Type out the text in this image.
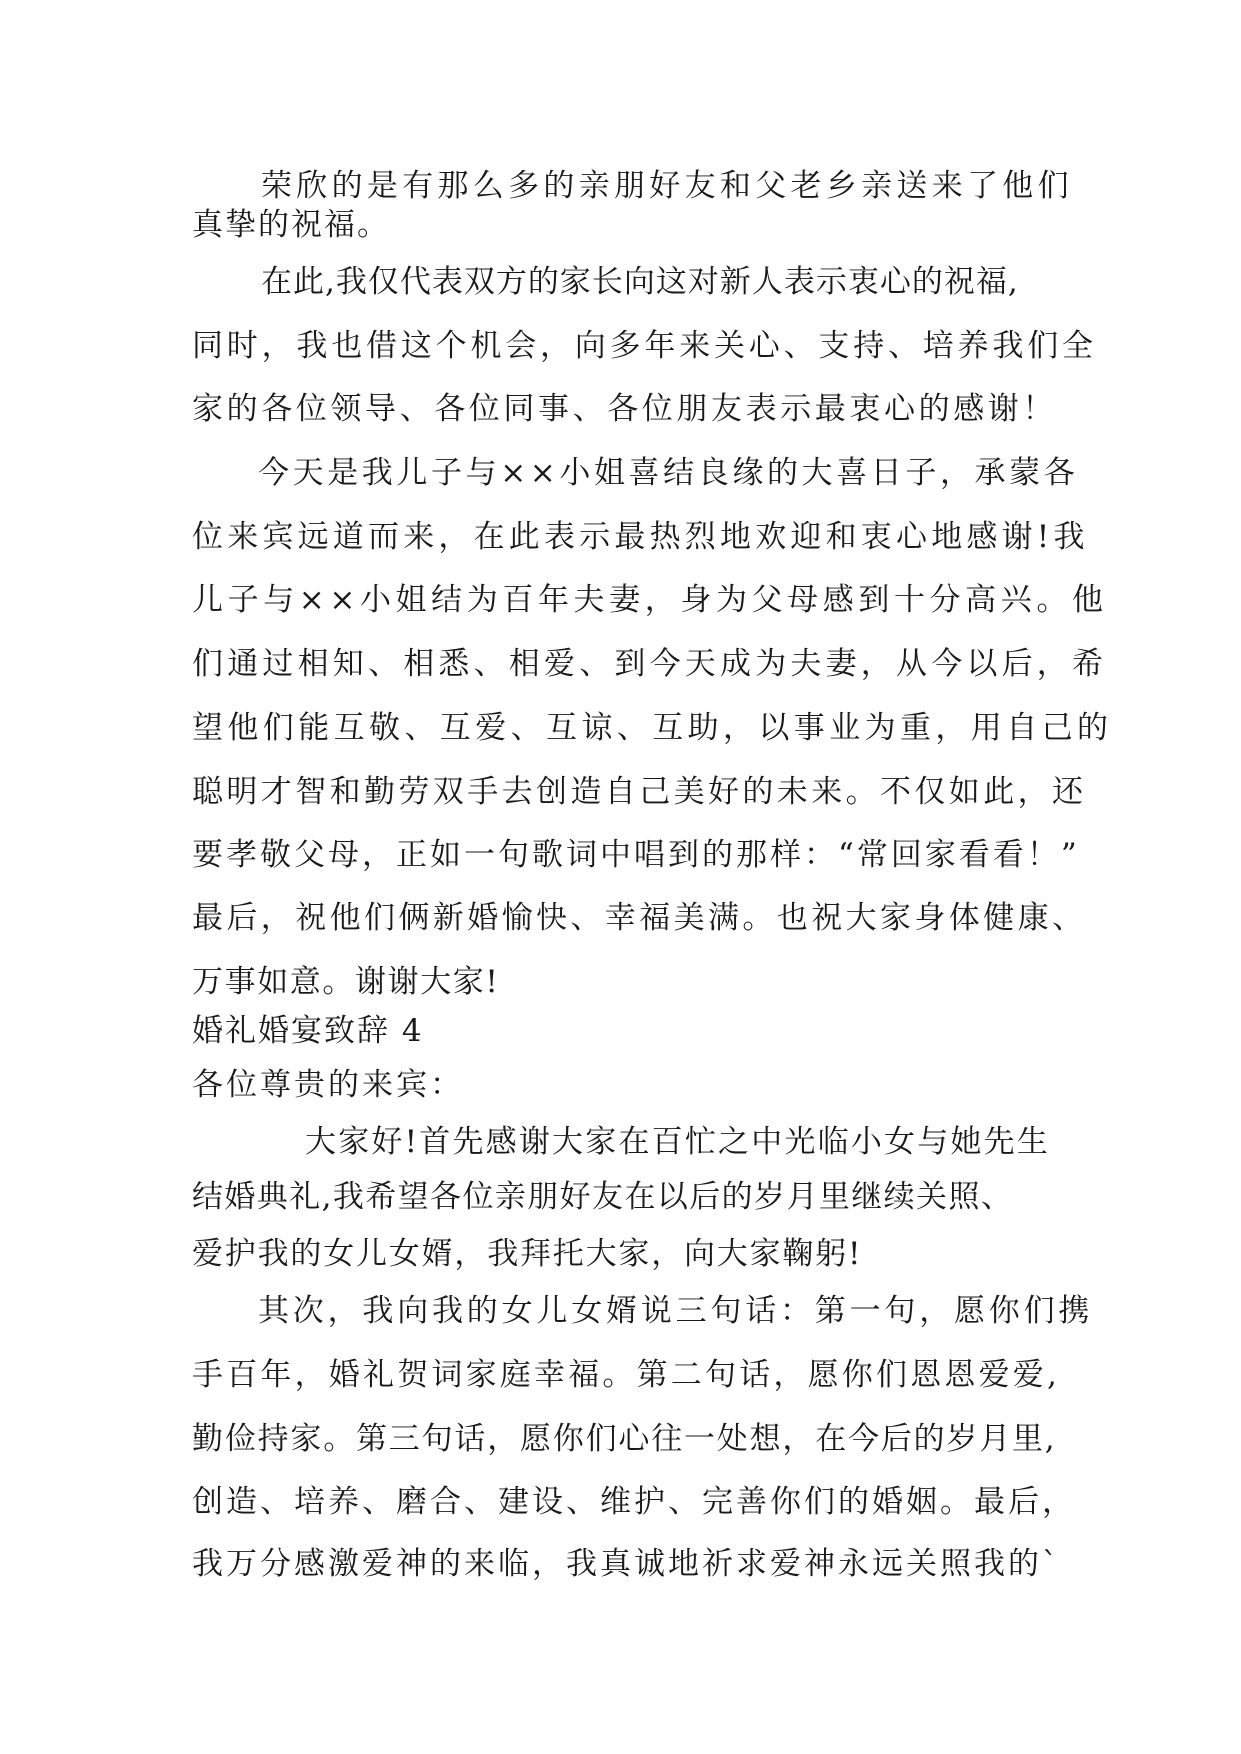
荣欣的是有那么多的亲朋好友和父老乡亲送来了他们
真挚的祝福。
在此,我仅代表双方的家长向这对新人表示衷心的祝福,
同时，我也借这个机会，向多年来关心、支持、培养我们全
家的各位领导、各位同事、各位朋友表示最衷心的感谢！
今天是我儿子与××小姐喜结良缘的大喜日子，承蒙各
位来宾远道而来，在此表示最热烈地欢迎和衷心地感谢!我
儿子与××小姐结为百年夫妻，身为父母感到十分高兴。他
们通过相知、相悉、相爱、到今天成为夫妻，从今以后，希
望他们能互敬、互爱、互谅、互助，以事业为重，用自己的
聪明才智和勤劳双手去创造自己美好的未来。不仅如此，还
要孝敬父母，正如一句歌词中唱到的那样：“常回家看看！”
最后，祝他们俩新婚愉快、幸福美满。也祝大家身体健康、
万事如意。谢谢大家!
婚礼婚宴致辞 4
各位尊贵的来宾：
大家好!首先感谢大家在百忙之中光临小女与她先生
结婚典礼,我希望各位亲朋好友在以后的岁月里继续关照、
爱护我的女儿女婿，我拜托大家，向大家鞠躬!
其次，我向我的女儿女婿说三句话：第一句，愿你们携
手百年，婚礼贺词家庭幸福。第二句话，愿你们恩恩爱爱,
勤俭持家。第三句话，愿你们心往一处想，在今后的岁月里,
创造、培养、磨合、建设、维护、完善你们的婚姻。最后，
我万分感激爱神的来临，我真诚地祈求爱神永远关照我的`
